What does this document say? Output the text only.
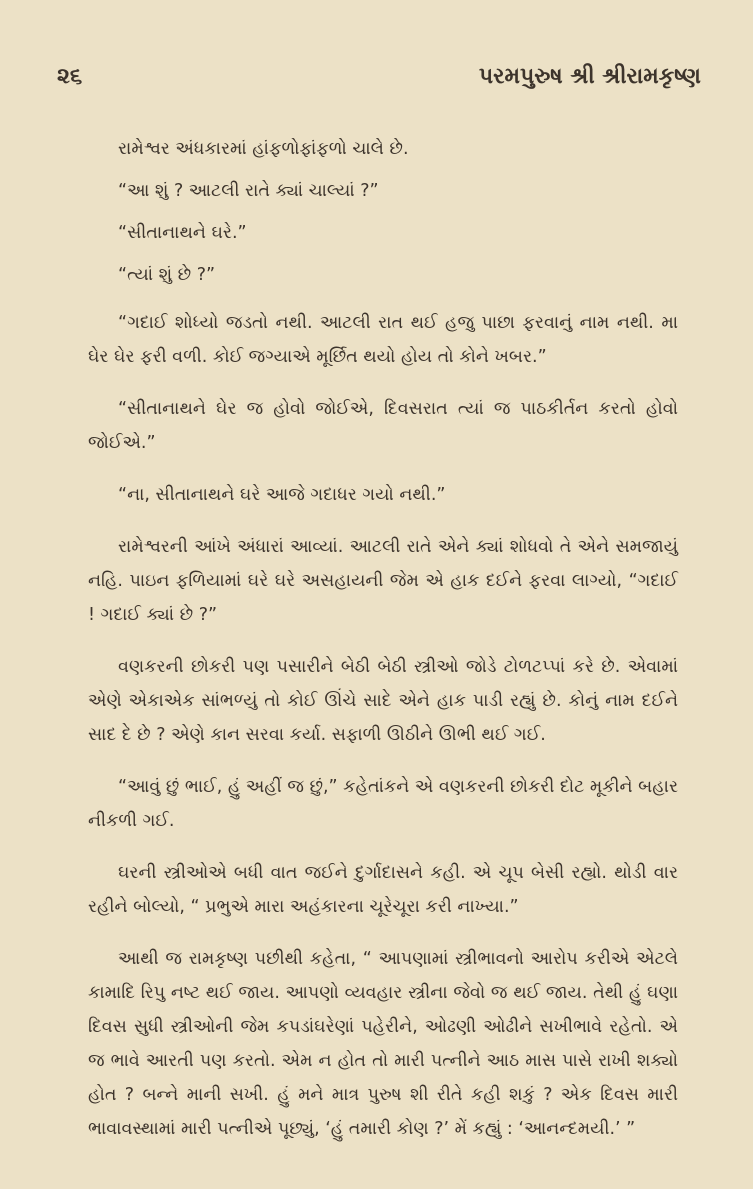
૨૬	પરમપુરુષ શ્રી શ્રીરામકૃષ્ણ

રામેશ્વર અંધકારમાં હાંફળોફાંફળો ચાલે છે.

“આ શું ? આટલી રાતે ક્યાં ચાલ્યાં ?”

“સીતાનાથને ઘરે.”

“ત્યાં શું છે ?”

“ગદાઈ શોધ્યો જડતો નથી. આટલી રાત થઈ હજુ પાછા ફરવાનું નામ નથી. મા ઘેર ઘેર ફરી વળી. કોઈ જગ્યાએ મૂર્છિત થયો હોય તો કોને ખબર.”

“સીતાનાથને ઘેર જ હોવો જોઈએ, દિવસરાત ત્યાં જ પાઠકીર્તન કરતો હોવો જોઈએ.”

“ના, સીતાનાથને ઘરે આજે ગદાધર ગયો નથી.”

રામેશ્વરની આંખે અંધારાં આવ્યાં. આટલી રાતે એને ક્યાં શોધવો તે એને સમજાયું નહિ. પાઇન ફળિયામાં ઘરે ઘરે અસહાયની જેમ એ હાક દઈને ફરવા લાગ્યો, “ગદાઈ ! ગદાઈ ક્યાં છે ?”

વણકરની છોકરી પણ પસારીને બેઠી બેઠી સ્ત્રીઓ જોડે ટોળટપ્પાં કરે છે. એવામાં એણે એકાએક સાંભળ્યું તો કોઈ ઊંચે સાદે એને હાક પાડી રહ્યું છે. કોનું નામ દઈને સાદ દે છે ? એણે કાન સરવા કર્યા. સફાળી ઊઠીને ઊભી થઈ ગઈ.

“આવું છું ભાઈ, હું અહીં જ છું,” કહેતાંકને એ વણકરની છોકરી દોટ મૂકીને બહાર નીકળી ગઈ.

ઘરની સ્ત્રીઓએ બધી વાત જઈને દુર્ગાદાસને કહી. એ ચૂપ બેસી રહ્યો. થોડી વાર રહીને બોલ્યો, “ પ્રભુએ મારા અહંકારના ચૂરેચૂરા કરી નાખ્યા.”

આથી જ રામકૃષ્ણ પછીથી કહેતા, “ આપણામાં સ્ત્રીભાવનો આરોપ કરીએ એટલે કામાદિ રિપુ નષ્ટ થઈ જાય. આપણો વ્યવહાર સ્ત્રીના જેવો જ થઈ જાય. તેથી હું ઘણા દિવસ સુધી સ્ત્રીઓની જેમ કપડાંઘરેણાં પહેરીને, ઓઢણી ઓઢીને સખીભાવે રહેતો. એ જ ભાવે આરતી પણ કરતો. એમ ન હોત તો મારી પત્નીને આઠ માસ પાસે રાખી શક્યો હોત ? બન્ને માની સખી. હું મને માત્ર પુરુષ શી રીતે કહી શકું ? એક દિવસ મારી ભાવાવસ્થામાં મારી પત્નીએ પૂછ્યું, ‘હું તમારી કોણ ?’ મેં કહ્યું : ‘આનન્દમયી.’ ”
